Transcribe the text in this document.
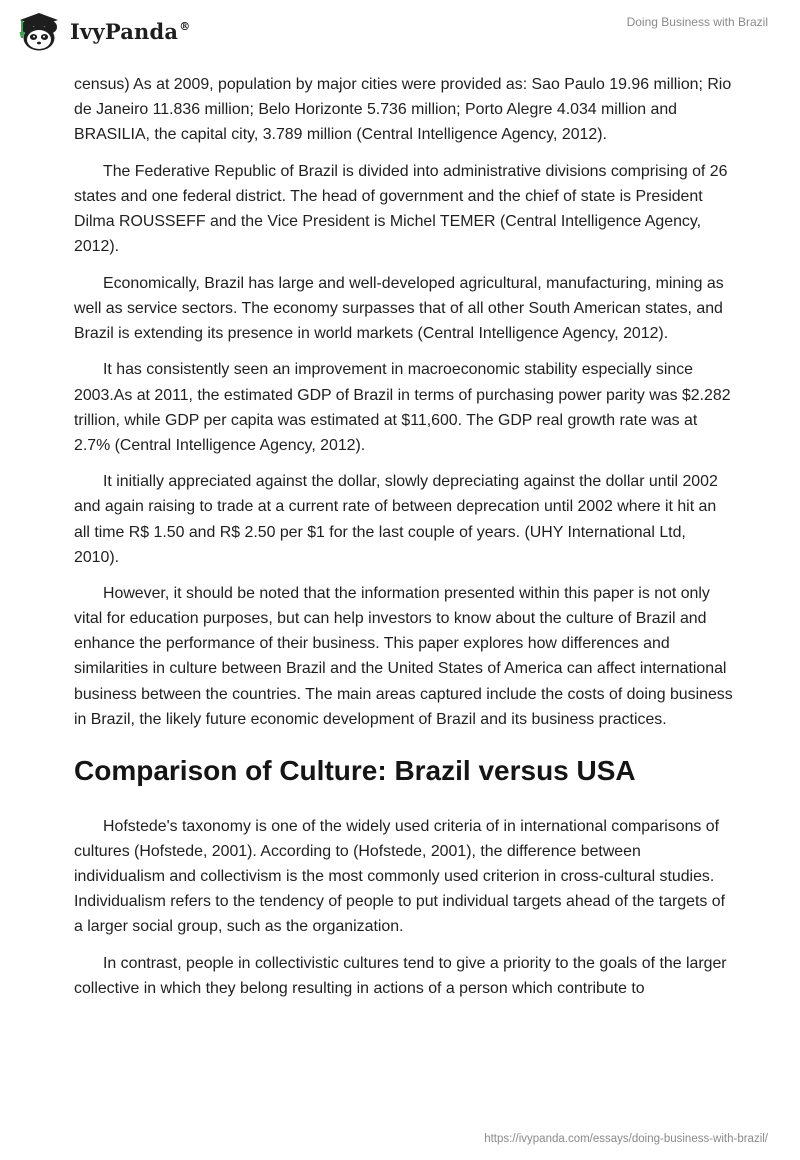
IvyPanda®	Doing Business with Brazil

census) As at 2009, population by major cities were provided as: Sao Paulo 19.96 million; Rio de Janeiro 11.836 million; Belo Horizonte 5.736 million; Porto Alegre 4.034 million and BRASILIA, the capital city, 3.789 million (Central Intelligence Agency, 2012).

The Federative Republic of Brazil is divided into administrative divisions comprising of 26 states and one federal district. The head of government and the chief of state is President Dilma ROUSSEFF and the Vice President is Michel TEMER (Central Intelligence Agency, 2012).

Economically, Brazil has large and well-developed agricultural, manufacturing, mining as well as service sectors. The economy surpasses that of all other South American states, and Brazil is extending its presence in world markets (Central Intelligence Agency, 2012).

It has consistently seen an improvement in macroeconomic stability especially since 2003.As at 2011, the estimated GDP of Brazil in terms of purchasing power parity was $2.282 trillion, while GDP per capita was estimated at $11,600. The GDP real growth rate was at 2.7% (Central Intelligence Agency, 2012).

It initially appreciated against the dollar, slowly depreciating against the dollar until 2002 and again raising to trade at a current rate of between deprecation until 2002 where it hit an all time R$ 1.50 and R$ 2.50 per $1 for the last couple of years. (UHY International Ltd, 2010).

However, it should be noted that the information presented within this paper is not only vital for education purposes, but can help investors to know about the culture of Brazil and enhance the performance of their business. This paper explores how differences and similarities in culture between Brazil and the United States of America can affect international business between the countries. The main areas captured include the costs of doing business in Brazil, the likely future economic development of Brazil and its business practices.

Comparison of Culture: Brazil versus USA

Hofstede's taxonomy is one of the widely used criteria of in international comparisons of cultures (Hofstede, 2001). According to (Hofstede, 2001), the difference between individualism and collectivism is the most commonly used criterion in cross-cultural studies. Individualism refers to the tendency of people to put individual targets ahead of the targets of a larger social group, such as the organization.

In contrast, people in collectivistic cultures tend to give a priority to the goals of the larger collective in which they belong resulting in actions of a person which contribute to

https://ivypanda.com/essays/doing-business-with-brazil/
